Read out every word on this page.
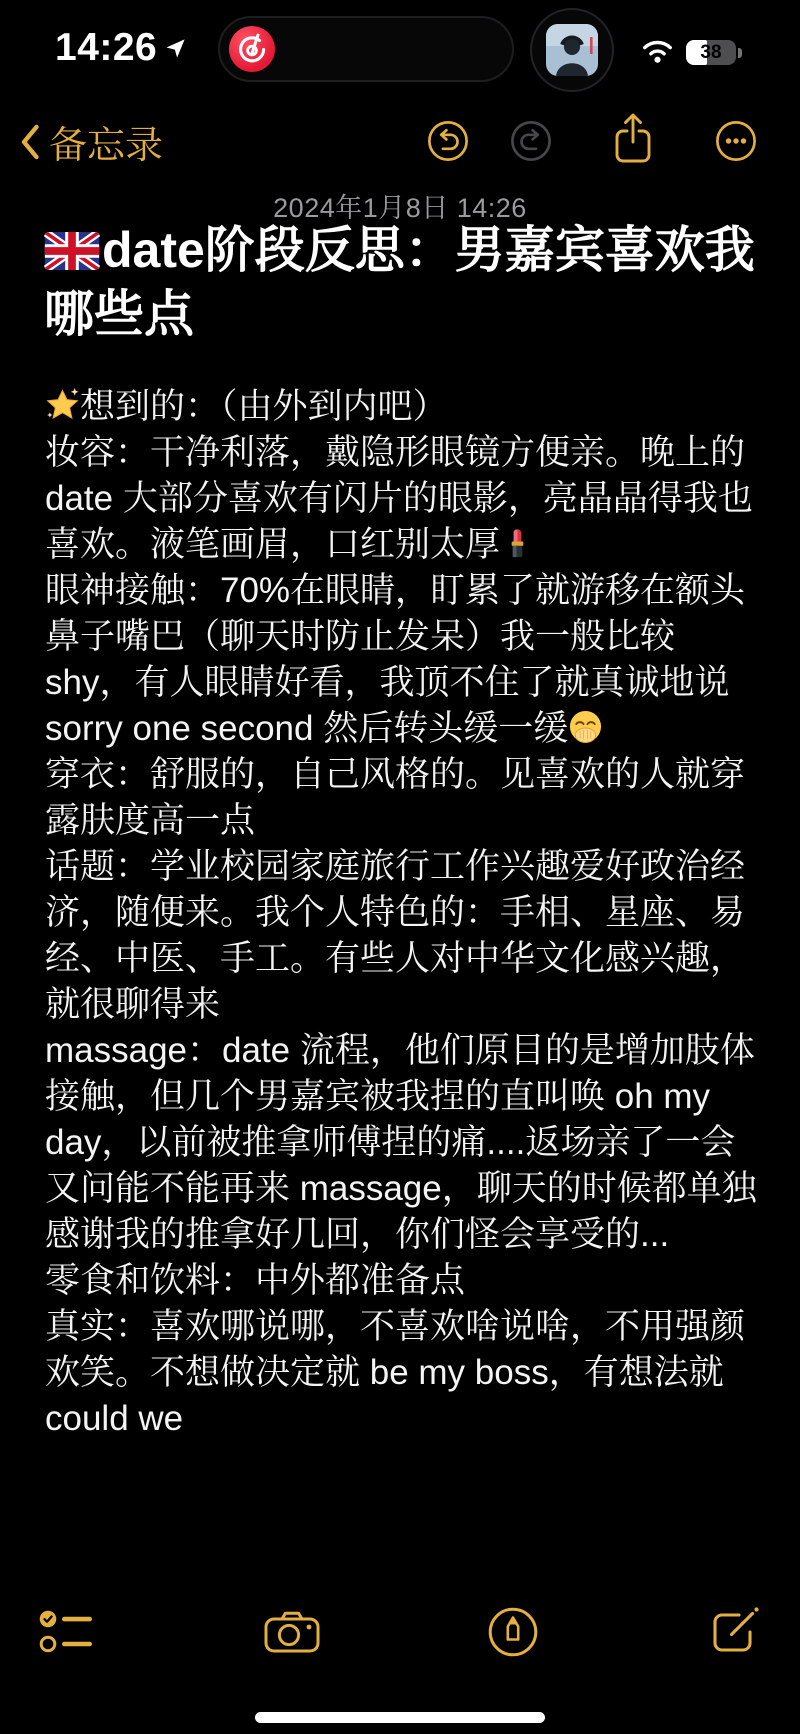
14:26	38
备忘录
2024年1月8日 14:26
date阶段反思：男嘉宾喜欢我哪些点
想到的：（由外到内吧）
妆容：干净利落，戴隐形眼镜方便亲。晚上的 date 大部分喜欢有闪片的眼影，亮晶晶得我也喜欢。液笔画眉，口红别太厚
眼神接触：70%在眼睛，盯累了就游移在额头鼻子嘴巴（聊天时防止发呆）我一般比较 shy，有人眼睛好看，我顶不住了就真诚地说 sorry one second 然后转头缓一缓
穿衣：舒服的，自己风格的。见喜欢的人就穿露肤度高一点
话题：学业校园家庭旅行工作兴趣爱好政治经济，随便来。我个人特色的：手相、星座、易经、中医、手工。有些人对中华文化感兴趣，就很聊得来
massage：date 流程，他们原目的是增加肢体接触，但几个男嘉宾被我捏的直叫唤 oh my day，以前被推拿师傅捏的痛....返场亲了一会又问能不能再来 massage，聊天的时候都单独感谢我的推拿好几回，你们怪会享受的...
零食和饮料：中外都准备点
真实：喜欢哪说哪，不喜欢啥说啥，不用强颜欢笑。不想做决定就 be my boss，有想法就 could we
